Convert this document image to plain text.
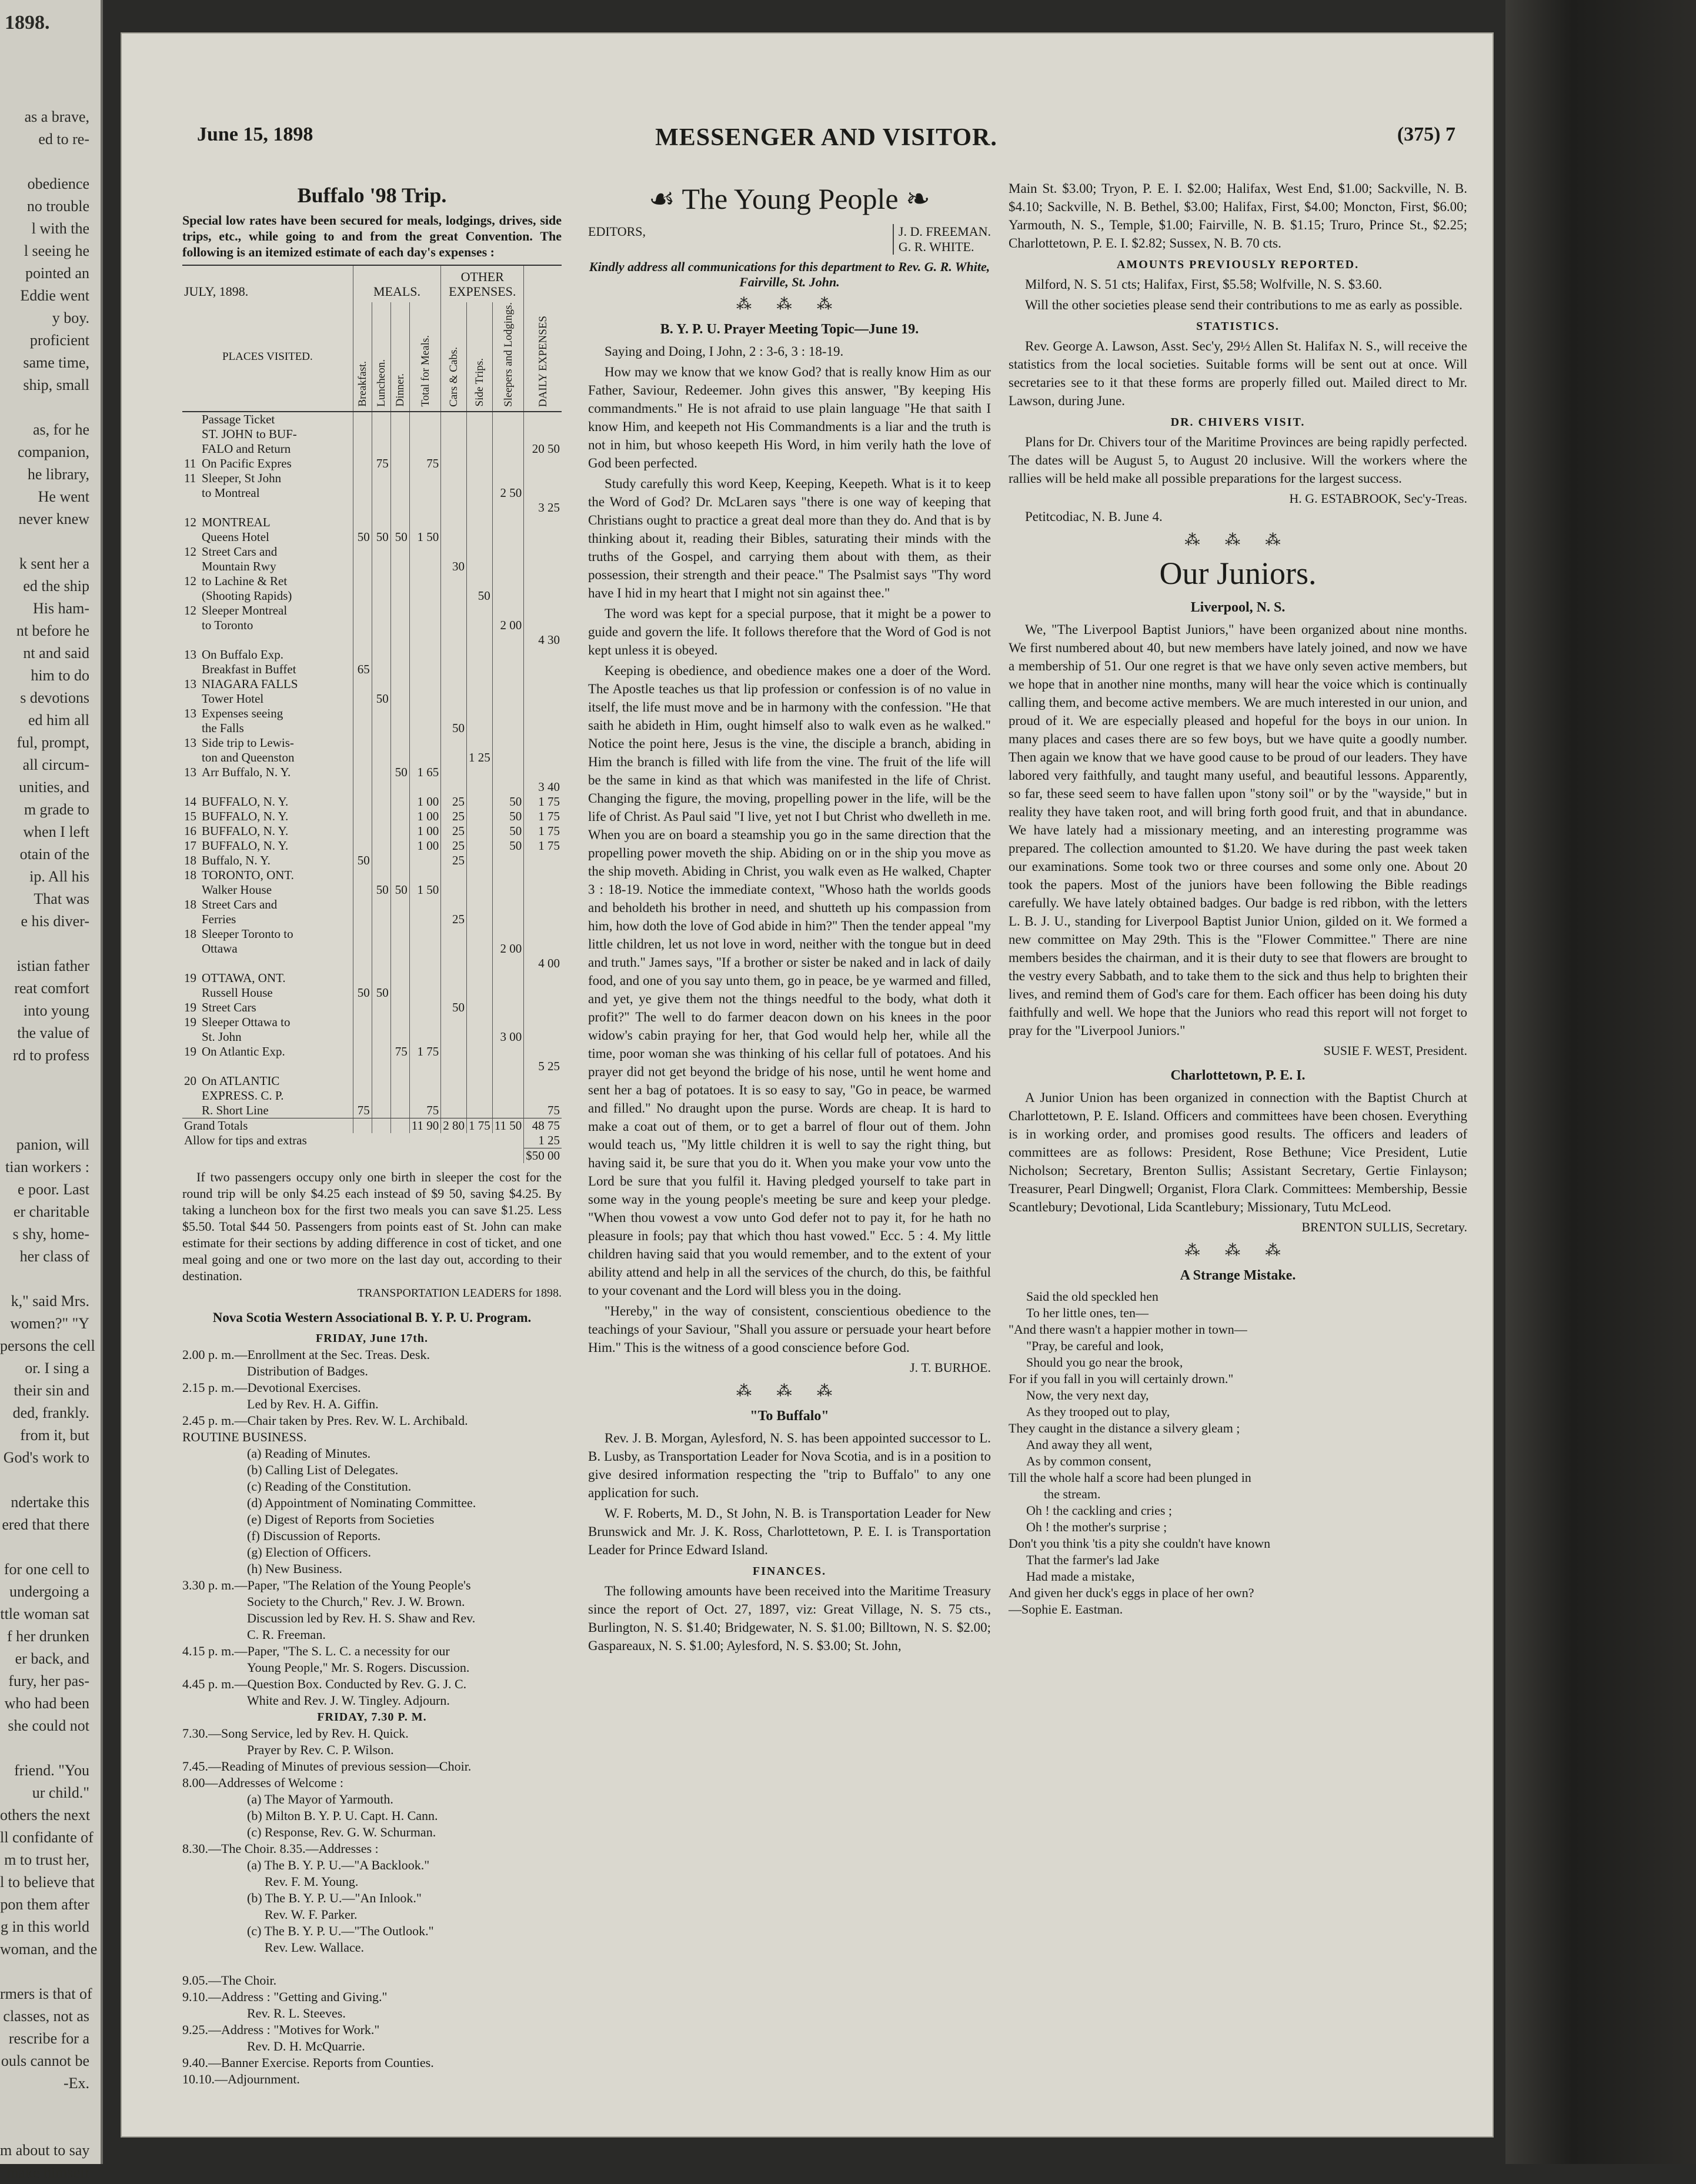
1898.
as a brave,
ed to re-

obedience
no trouble
l with the
l seeing he
pointed an
Eddie went
y boy.
proficient
same time,
ship, small

as, for he
companion,
he library,
He went
never knew

k sent her a
ed the ship
His ham-
nt before he
nt and said
him to do
s devotions
ed him all
ful, prompt,
all circum-
unities, and
m grade to
when I left
otain of the
ip. All his
That was
e his diver-

istian father
reat comfort
into young
the value of
rd to profess

panion, will
tian workers :
e poor. Last
er charitable
s shy, home-
her class of

k," said Mrs.
women?" "Y
persons the cell
or. I sing a
their sin and
ded, frankly.
from it, but
God's work to

ndertake this
ered that there

for one cell to
undergoing a
ttle woman sat
f her drunken
er back, and
fury, her pas-
who had been
she could not

friend. "You
ur child."
others the next
ll confidante of
m to trust her,
l to believe that
pon them after
g in this world
woman, and the

rmers is that of
classes, not as
rescribe for a
ouls cannot be
-Ex.

m about to say
make himself
June 15, 1898	MESSENGER AND VISITOR.	(375) 7
Buffalo '98 Trip.
Special low rates have been secured for meals, lodgings, drives, side trips, etc., while going to and from the great Convention. The following is an itemized estimate of each day's expenses :
JULY, 1898.	MEALS.				OTHER EXPENSES.			
PLACES VISITED.	Breakfast.	Luncheon.	Dinner.	Total for Meals.	Cars & Cabs.	Side Trips.	Sleepers and Lodgings.	DAILY EXPENSES
Passage Ticket								
ST. JOHN to BUF-								
FALO and Return								20 50
11 On Pacific Expres		75		75				
11 Sleeper, St John								
to Montreal							2 50	
								3 25
12 MONTREAL								
Queens Hotel	50	50	50	1 50				
12 Street Cars and								
Mountain Rwy					30			
12 to Lachine & Ret								
(Shooting Rapids)						50		
12 Sleeper Montreal								
to Toronto							2 00	
								4 30
13 On Buffalo Exp.								
Breakfast in Buffet	65							
13 NIAGARA FALLS								
Tower Hotel		50						
13 Expenses seeing								
the Falls					50			
13 Side trip to Lewis-								
ton and Queenston						1 25		
13 Arr Buffalo, N. Y.			50	1 65				
								3 40
14 BUFFALO, N. Y.				1 00	25		50	1 75
15 BUFFALO, N. Y.				1 00	25		50	1 75
16 BUFFALO, N. Y.				1 00	25		50	1 75
17 BUFFALO, N. Y.				1 00	25		50	1 75
18 Buffalo, N. Y.	50				25			
18 TORONTO, ONT.								
Walker House		50	50	1 50				
18 Street Cars and								
Ferries					25			
18 Sleeper Toronto to								
Ottawa							2 00	
								4 00
19 OTTAWA, ONT.								
Russell House	50	50						
19 Street Cars					50			
19 Sleeper Ottawa to								
St. John							3 00	
19 On Atlantic Exp.			75	1 75				
								5 25
20 On ATLANTIC								
EXPRESS. C. P.								
R. Short Line	75			75				75
Grand Totals				11 90	2 80	1 75	11 50	48 75
Allow for tips and extras								1 25
								$50 00
If two passengers occupy only one birth in sleeper the cost for the round trip will be only $4.25 each instead of $9 50, saving $4.25. By taking a luncheon box for the first two meals you can save $1.25. Less $5.50. Total $44 50. Passengers from points east of St. John can make estimate for their sections by adding difference in cost of ticket, and one meal going and one or two more on the last day out, according to their destination.
TRANSPORTATION LEADERS for 1898.
Nova Scotia Western Associational B. Y. P. U. Program.
FRIDAY, June 17th.
2.00 p. m.—Enrollment at the Sec. Treas. Desk.
Distribution of Badges.
2.15 p. m.—Devotional Exercises.
Led by Rev. H. A. Giffin.
2.45 p. m.—Chair taken by Pres. Rev. W. L. Archibald.
ROUTINE BUSINESS.
(a) Reading of Minutes.
(b) Calling List of Delegates.
(c) Reading of the Constitution.
(d) Appointment of Nominating Committee.
(e) Digest of Reports from Societies
(f) Discussion of Reports.
(g) Election of Officers.
(h) New Business.
3.30 p. m.—Paper, "The Relation of the Young People's
Society to the Church," Rev. J. W. Brown.
Discussion led by Rev. H. S. Shaw and Rev.
C. R. Freeman.
4.15 p. m.—Paper, "The S. L. C. a necessity for our
Young People," Mr. S. Rogers. Discussion.
4.45 p. m.—Question Box. Conducted by Rev. G. J. C.
White and Rev. J. W. Tingley. Adjourn.
FRIDAY, 7.30 P. M.
7.30.—Song Service, led by Rev. H. Quick.
Prayer by Rev. C. P. Wilson.
7.45.—Reading of Minutes of previous session—Choir.
8.00—Addresses of Welcome :
(a) The Mayor of Yarmouth.
(b) Milton B. Y. P. U. Capt. H. Cann.
(c) Response, Rev. G. W. Schurman.
8.30.—The Choir. 8.35.—Addresses :
(a) The B. Y. P. U.—"A Backlook."
Rev. F. M. Young.
(b) The B. Y. P. U.—"An Inlook."
Rev. W. F. Parker.
(c) The B. Y. P. U.—"The Outlook."
Rev. Lew. Wallace.

9.05.—The Choir.
9.10.—Address : "Getting and Giving."
Rev. R. L. Steeves.
9.25.—Address : "Motives for Work."
Rev. D. H. McQuarrie.
9.40.—Banner Exercise. Reports from Counties.
10.10.—Adjournment.
☙ The Young People ❧
EDITORS,	J. D. FREEMAN.
G. R. WHITE.
Kindly address all communications for this department to Rev. G. R. White, Fairville, St. John.
⁂ ⁂ ⁂
B. Y. P. U. Prayer Meeting Topic—June 19.

Saying and Doing, I John, 2 : 3-6, 3 : 18-19.

How may we know that we know God? that is really know Him as our Father, Saviour, Redeemer. John gives this answer, "By keeping His commandments." He is not afraid to use plain language "He that saith I know Him, and keepeth not His Commandments is a liar and the truth is not in him, but whoso keepeth His Word, in him verily hath the love of God been perfected.

Study carefully this word Keep, Keeping, Keepeth. What is it to keep the Word of God? Dr. McLaren says "there is one way of keeping that Christians ought to practice a great deal more than they do. And that is by thinking about it, reading their Bibles, saturating their minds with the truths of the Gospel, and carrying them about with them, as their possession, their strength and their peace." The Psalmist says "Thy word have I hid in my heart that I might not sin against thee."

The word was kept for a special purpose, that it might be a power to guide and govern the life. It follows therefore that the Word of God is not kept unless it is obeyed.

Keeping is obedience, and obedience makes one a doer of the Word. The Apostle teaches us that lip profession or confession is of no value in itself, the life must move and be in harmony with the confession. "He that saith he abideth in Him, ought himself also to walk even as he walked." Notice the point here, Jesus is the vine, the disciple a branch, abiding in Him the branch is filled with life from the vine. The fruit of the life will be the same in kind as that which was manifested in the life of Christ. Changing the figure, the moving, propelling power in the life, will be the life of Christ. As Paul said "I live, yet not I but Christ who dwelleth in me. When you are on board a steamship you go in the same direction that the propelling power moveth the ship. Abiding on or in the ship you move as the ship moveth. Abiding in Christ, you walk even as He walked, Chapter 3 : 18-19. Notice the immediate context, "Whoso hath the worlds goods and beholdeth his brother in need, and shutteth up his compassion from him, how doth the love of God abide in him?" Then the tender appeal "my little children, let us not love in word, neither with the tongue but in deed and truth." James says, "If a brother or sister be naked and in lack of daily food, and one of you say unto them, go in peace, be ye warmed and filled, and yet, ye give them not the things needful to the body, what doth it profit?" The well to do farmer deacon down on his knees in the poor widow's cabin praying for her, that God would help her, while all the time, poor woman she was thinking of his cellar full of potatoes. And his prayer did not get beyond the bridge of his nose, until he went home and sent her a bag of potatoes. It is so easy to say, "Go in peace, be warmed and filled." No draught upon the purse. Words are cheap. It is hard to make a coat out of them, or to get a barrel of flour out of them. John would teach us, "My little children it is well to say the right thing, but having said it, be sure that you do it. When you make your vow unto the Lord be sure that you fulfil it. Having pledged yourself to take part in some way in the young people's meeting be sure and keep your pledge. "When thou vowest a vow unto God defer not to pay it, for he hath no pleasure in fools; pay that which thou hast vowed." Ecc. 5 : 4. My little children having said that you would remember, and to the extent of your ability attend and help in all the services of the church, do this, be faithful to your covenant and the Lord will bless you in the doing.

"Hereby," in the way of consistent, conscientious obedience to the teachings of your Saviour, "Shall you assure or persuade your heart before Him." This is the witness of a good conscience before God.

J. T. BURHOE.
⁂ ⁂ ⁂
"To Buffalo"

Rev. J. B. Morgan, Aylesford, N. S. has been appointed successor to L. B. Lusby, as Transportation Leader for Nova Scotia, and is in a position to give desired information respecting the "trip to Buffalo" to any one application for such.

W. F. Roberts, M. D., St John, N. B. is Transportation Leader for New Brunswick and Mr. J. K. Ross, Charlottetown, P. E. I. is Transportation Leader for Prince Edward Island.

FINANCES.

The following amounts have been received into the Maritime Treasury since the report of Oct. 27, 1897, viz: Great Village, N. S. 75 cts., Burlington, N. S. $1.40; Bridgewater, N. S. $1.00; Billtown, N. S. $2.00; Gaspareaux, N. S. $1.00; Aylesford, N. S. $3.00; St. John,

Main St. $3.00; Tryon, P. E. I. $2.00; Halifax, West End, $1.00; Sackville, N. B. $4.10; Sackville, N. B. Bethel, $3.00; Halifax, First, $4.00; Moncton, First, $6.00; Yarmouth, N. S., Temple, $1.00; Fairville, N. B. $1.15; Truro, Prince St., $2.25; Charlottetown, P. E. I. $2.82; Sussex, N. B. 70 cts.

AMOUNTS PREVIOUSLY REPORTED.

Milford, N. S. 51 cts; Halifax, First, $5.58; Wolfville, N. S. $3.60.

Will the other societies please send their contributions to me as early as possible.

STATISTICS.

Rev. George A. Lawson, Asst. Sec'y, 29½ Allen St. Halifax N. S., will receive the statistics from the local societies. Suitable forms will be sent out at once. Will secretaries see to it that these forms are properly filled out. Mailed direct to Mr. Lawson, during June.

DR. CHIVERS VISIT.

Plans for Dr. Chivers tour of the Maritime Provinces are being rapidly perfected. The dates will be August 5, to August 20 inclusive. Will the workers where the rallies will be held make all possible preparations for the largest success.

H. G. ESTABROOK, Sec'y-Treas.

Petitcodiac, N. B. June 4.

⁂ ⁂ ⁂
Our Juniors.
Liverpool, N. S.

We, "The Liverpool Baptist Juniors," have been organized about nine months. We first numbered about 40, but new members have lately joined, and now we have a membership of 51. Our one regret is that we have only seven active members, but we hope that in another nine months, many will hear the voice which is continually calling them, and become active members. We are much interested in our union, and proud of it. We are especially pleased and hopeful for the boys in our union. In many places and cases there are so few boys, but we have quite a goodly number. Then again we know that we have good cause to be proud of our leaders. They have labored very faithfully, and taught many useful, and beautiful lessons. Apparently, so far, these seed seem to have fallen upon "stony soil" or by the "wayside," but in reality they have taken root, and will bring forth good fruit, and that in abundance. We have lately had a missionary meeting, and an interesting programme was prepared. The collection amounted to $1.20. We have during the past week taken our examinations. Some took two or three courses and some only one. About 20 took the papers. Most of the juniors have been following the Bible readings carefully. We have lately obtained badges. Our badge is red ribbon, with the letters L. B. J. U., standing for Liverpool Baptist Junior Union, gilded on it. We formed a new committee on May 29th. This is the "Flower Committee." There are nine members besides the chairman, and it is their duty to see that flowers are brought to the vestry every Sabbath, and to take them to the sick and thus help to brighten their lives, and remind them of God's care for them. Each officer has been doing his duty faithfully and well. We hope that the Juniors who read this report will not forget to pray for the "Liverpool Juniors."

SUSIE F. WEST, President.
Charlottetown, P. E. I.

A Junior Union has been organized in connection with the Baptist Church at Charlottetown, P. E. Island. Officers and committees have been chosen. Everything is in working order, and promises good results. The officers and leaders of committees are as follows: President, Rose Bethune; Vice President, Lutie Nicholson; Secretary, Brenton Sullis; Assistant Secretary, Gertie Finlayson; Treasurer, Pearl Dingwell; Organist, Flora Clark. Committees: Membership, Bessie Scantlebury; Devotional, Lida Scantlebury; Missionary, Tutu McLeod.

BRENTON SULLIS, Secretary.
⁂ ⁂ ⁂
A Strange Mistake.
Said the old speckled hen
To her little ones, ten—
"And there wasn't a happier mother in town—
"Pray, be careful and look,
Should you go near the brook,
For if you fall in you will certainly drown."
Now, the very next day,
As they trooped out to play,
They caught in the distance a silvery gleam ;
And away they all went,
As by common consent,
Till the whole half a score had been plunged in
the stream.
Oh ! the cackling and cries ;
Oh ! the mother's surprise ;
Don't you think 'tis a pity she couldn't have known
That the farmer's lad Jake
Had made a mistake,
And given her duck's eggs in place of her own?
—Sophie E. Eastman.
